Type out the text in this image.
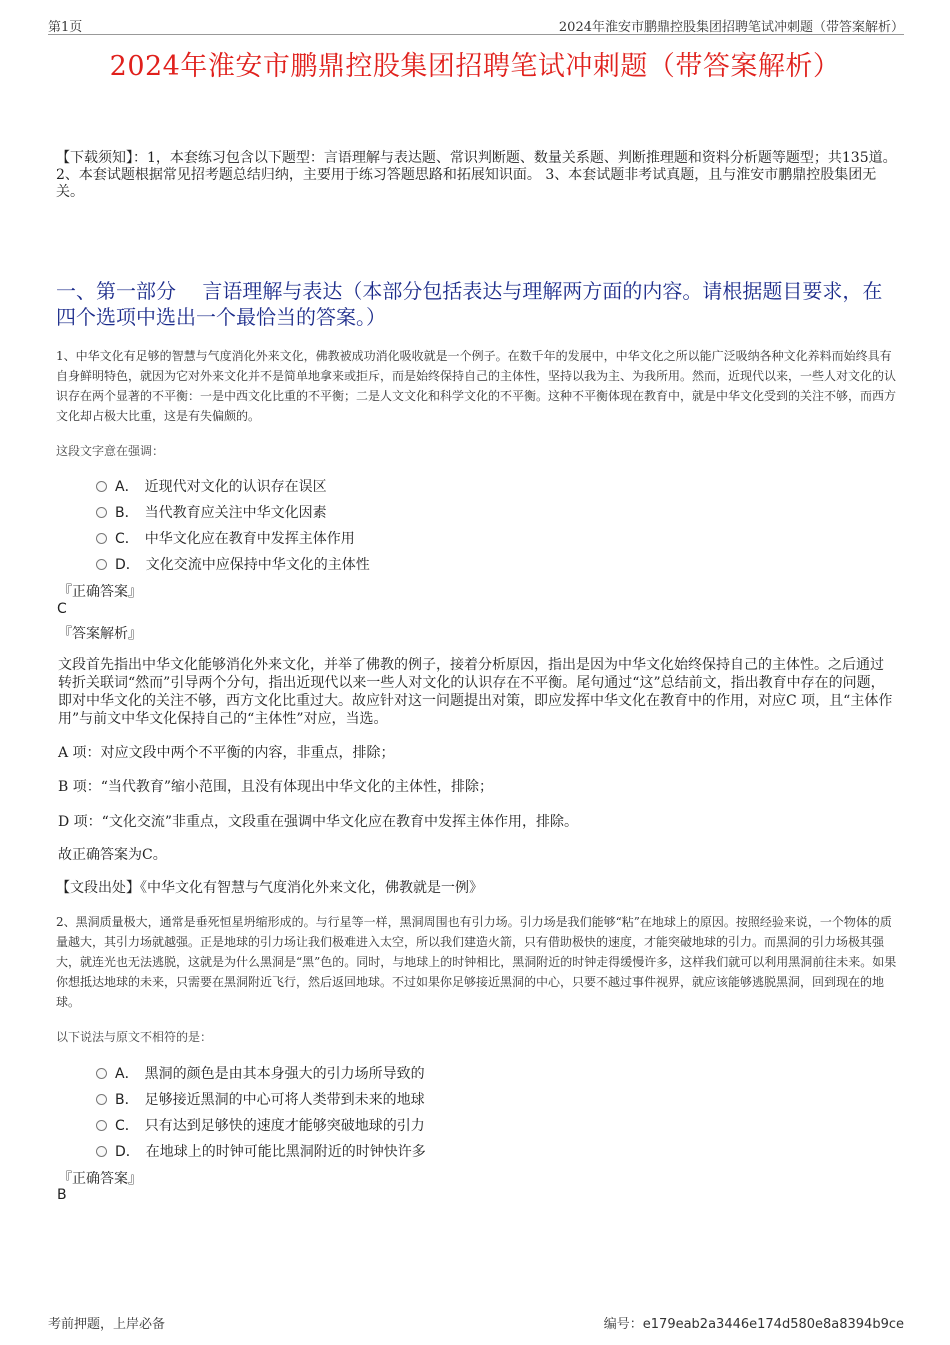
第1页	2024年淮安市鹏鼎控股集团招聘笔试冲刺题（带答案解析）
2024年淮安市鹏鼎控股集团招聘笔试冲刺题（带答案解析）
【下载须知】：1，本套练习包含以下题型：言语理解与表达题、常识判断题、数量关系题、判断推理题和资料分析题等题型；共135道。 2、本套试题根据常见招考题总结归纳，主要用于练习答题思路和拓展知识面。 3、本套试题非考试真题，且与淮安市鹏鼎控股集团无关。
一、第一部分　 言语理解与表达（本部分包括表达与理解两方面的内容。请根据题目要求，在四个选项中选出一个最恰当的答案。）
1、中华文化有足够的智慧与气度消化外来文化，佛教被成功消化吸收就是一个例子。在数千年的发展中，中华文化之所以能广泛吸纳各种文化养料而始终具有自身鲜明特色，就因为它对外来文化并不是简单地拿来或拒斥，而是始终保持自己的主体性，坚持以我为主、为我所用。然而，近现代以来，一些人对文化的认识存在两个显著的不平衡：一是中西文化比重的不平衡；二是人文文化和科学文化的不平衡。这种不平衡体现在教育中，就是中华文化受到的关注不够，而西方文化却占极大比重，这是有失偏颇的。
这段文字意在强调：
A． 近现代对文化的认识存在误区
B． 当代教育应关注中华文化因素
C． 中华文化应在教育中发挥主体作用
D． 文化交流中应保持中华文化的主体性
『正确答案』
C
『答案解析』
文段首先指出中华文化能够消化外来文化，并举了佛教的例子，接着分析原因，指出是因为中华文化始终保持自己的主体性。之后通过转折关联词“然而”引导两个分句，指出近现代以来一些人对文化的认识存在不平衡。尾句通过“这”总结前文，指出教育中存在的问题，即对中华文化的关注不够，西方文化比重过大。故应针对这一问题提出对策，即应发挥中华文化在教育中的作用，对应C 项，且“主体作用”与前文中华文化保持自己的“主体性”对应，当选。
A 项：对应文段中两个不平衡的内容，非重点，排除；
B 项：“当代教育”缩小范围，且没有体现出中华文化的主体性，排除；
D 项：“文化交流”非重点，文段重在强调中华文化应在教育中发挥主体作用，排除。
故正确答案为C。
【文段出处】《中华文化有智慧与气度消化外来文化，佛教就是一例》
2、黑洞质量极大，通常是垂死恒星坍缩形成的。与行星等一样，黑洞周围也有引力场。引力场是我们能够“粘”在地球上的原因。按照经验来说，一个物体的质量越大，其引力场就越强。正是地球的引力场让我们极难进入太空，所以我们建造火箭，只有借助极快的速度，才能突破地球的引力。而黑洞的引力场极其强大，就连光也无法逃脱，这就是为什么黑洞是“黑”色的。同时，与地球上的时钟相比，黑洞附近的时钟走得缓慢许多，这样我们就可以利用黑洞前往未来。如果你想抵达地球的未来，只需要在黑洞附近飞行，然后返回地球。不过如果你足够接近黑洞的中心，只要不越过事件视界，就应该能够逃脱黑洞，回到现在的地球。
以下说法与原文不相符的是：
A． 黑洞的颜色是由其本身强大的引力场所导致的
B． 足够接近黑洞的中心可将人类带到未来的地球
C． 只有达到足够快的速度才能够突破地球的引力
D． 在地球上的时钟可能比黑洞附近的时钟快许多
『正确答案』
B
考前押题，上岸必备	编号：e179eab2a3446e174d580e8a8394b9ce
